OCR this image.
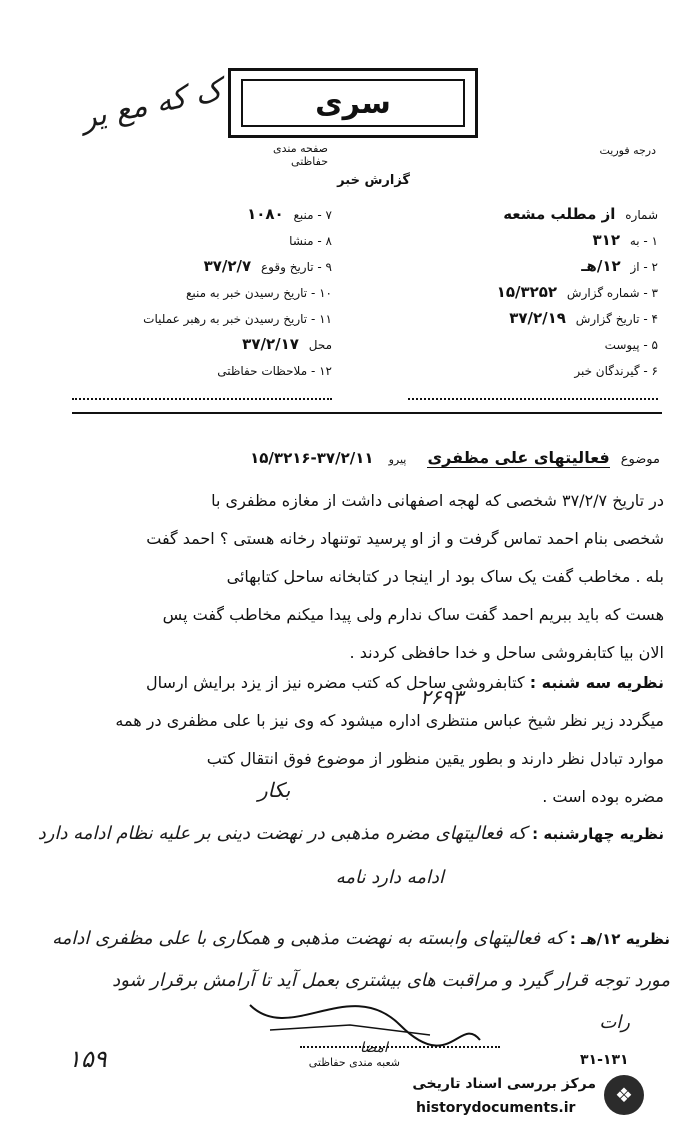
سری
صفحه مندی حفاظتی
درجه فوریت
گزارش خبر
ک که مع یر
شماره از مطلب مشعه
۱ - به ۳۱۲
۲ - از ۱۲/هـ
۳ - شماره گزارش ۱۵/۳۲۵۲
۴ - تاریخ گزارش ۳۷/۲/۱۹
۵ - پیوست
۶ - گیرندگان خبر
۷ - منبع ۱۰۸۰
۸ - منشا
۹ - تاریخ وقوع ۳۷/۲/۷
۱۰ - تاریخ رسیدن خبر به منبع
۱۱ - تاریخ رسیدن خبر به رهبر عملیات
محل ۳۷/۲/۱۷
۱۲ - ملاحظات حفاظتی
موضوع فعالیتهای علی مظفری پیرو ۳۷/۲/۱۱-۱۵/۳۲۱۶
در تاریخ ۳۷/۲/۷ شخصی که لهجه اصفهانی داشت از مغازه مظفری با
شخصی بنام احمد تماس گرفت و از او پرسید توتنهاد رخانه هستی ؟ احمد گفت
بله . مخاطب گفت یک ساک بود ار اینجا در کتابخانه ساحل کتابهائی
هست که باید ببریم احمد گفت ساک ندارم ولی پیدا میکنم مخاطب گفت پس
الان بیا کتابفروشی ساحل و خدا حافظی کردند .
نظریه سه شنبه : کتابفروشی ساحل که کتب مضره نیز از یزد برایش ارسال
میگردد زیر نظر شیخ عباس منتظری اداره میشود که وی نیز با علی مظفری در همه
موارد تبادل نظر دارند و بطور یقین منظور از موضوع فوق انتقال کتب
مضره بوده است .
۲۶۹۳
بکار
نظریه چهارشنبه : که فعالیتهای مضره مذهبی در نهضت دینی بر علیه نظام ادامه دارد
ادامه دارد نامه
نظریه ۱۲/هـ : که فعالیتهای وابسته به نهضت مذهبی و همکاری با علی مظفری ادامه
مورد توجه قرار گیرد و مراقبت های بیشتری بعمل آید تا آرامش برقرار شود
رات
امضا
شعبه مندی حفاظتی	۳۱-۱۳۱
۱۵۹
مرکز بررسی اسناد تاریخی
historydocuments.ir
❖
